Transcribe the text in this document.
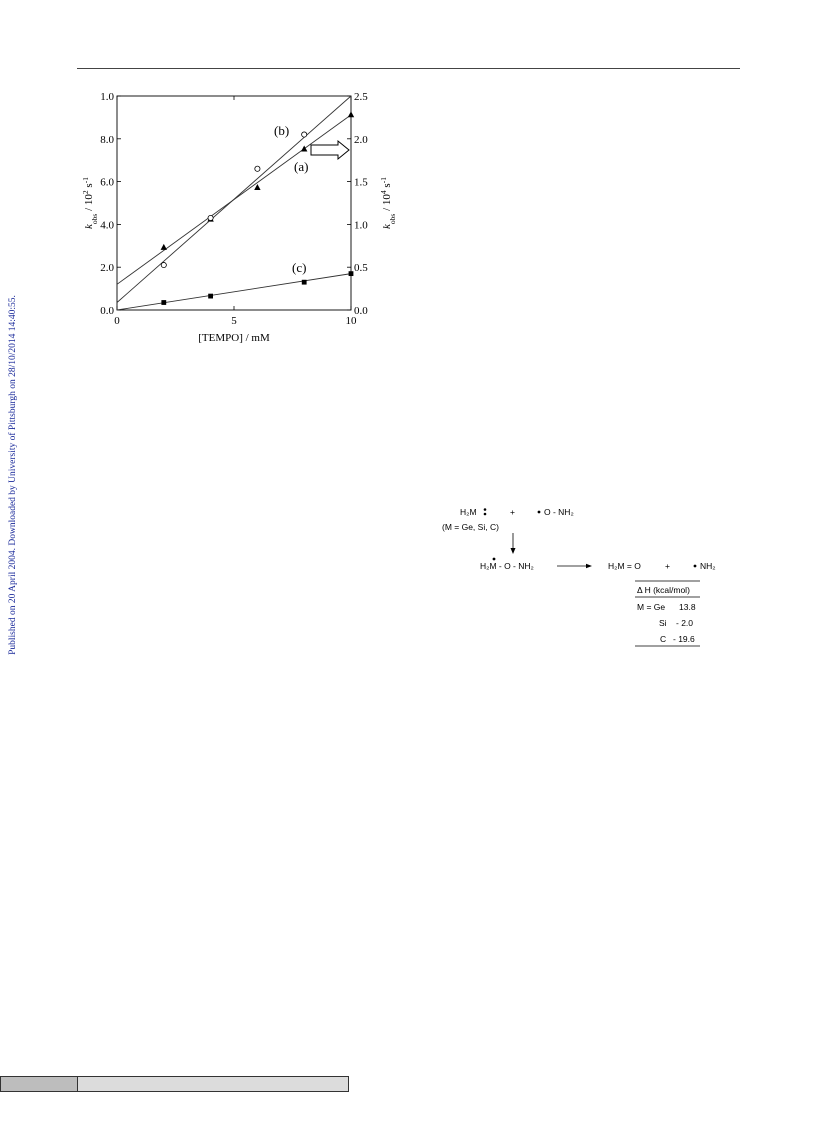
Published on 20 April 2004. Downloaded by University of Pittsburgh on 28/10/2014 14:40:55.	0	5	10
0.0
2.0
4.0
6.0
8.0
1.0
0.0
0.5
1.0
1.5
2.0
2.5
[TEMPO] / mM
$k_{obs} / 10^2$ $s^{-1}$
$k_{obs} / 10^4$ $s^{-1}$
(b)
(a)
(c)
H₂M	+	O - NH₂
(M = Ge, Si, C)
H₂M - O - NH₂	H₂M = O	+	NH₂
Δ H (kcal/mol)
M = Ge 13.8
Si - 2.0
C - 19.6
